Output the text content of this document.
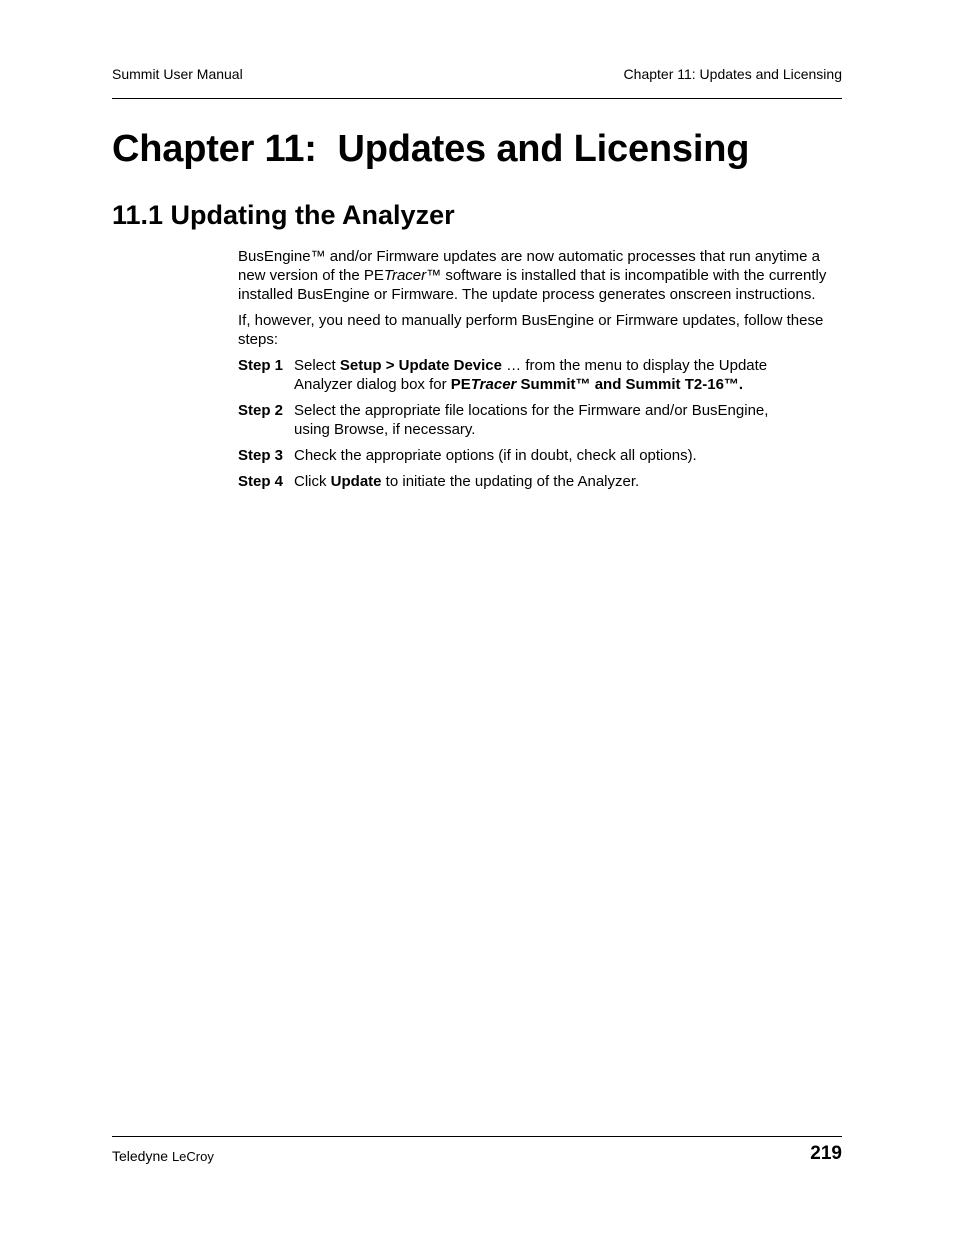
Summit User Manual	Chapter 11: Updates and Licensing
Chapter 11:  Updates and Licensing
11.1 Updating the Analyzer

BusEngine™ and/or Firmware updates are now automatic processes that run anytime a new version of the PETracer™ software is installed that is incompatible with the currently installed BusEngine or Firmware. The update process generates onscreen instructions.

If, however, you need to manually perform BusEngine or Firmware updates, follow these steps:

Step 1 Select Setup > Update Device … from the menu to display the Update Analyzer dialog box for PETracer Summit™ and Summit T2-16™.
Step 2 Select the appropriate file locations for the Firmware and/or BusEngine, using Browse, if necessary.
Step 3 Check the appropriate options (if in doubt, check all options).
Step 4 Click Update to initiate the updating of the Analyzer.
Teledyne LeCroy	219
